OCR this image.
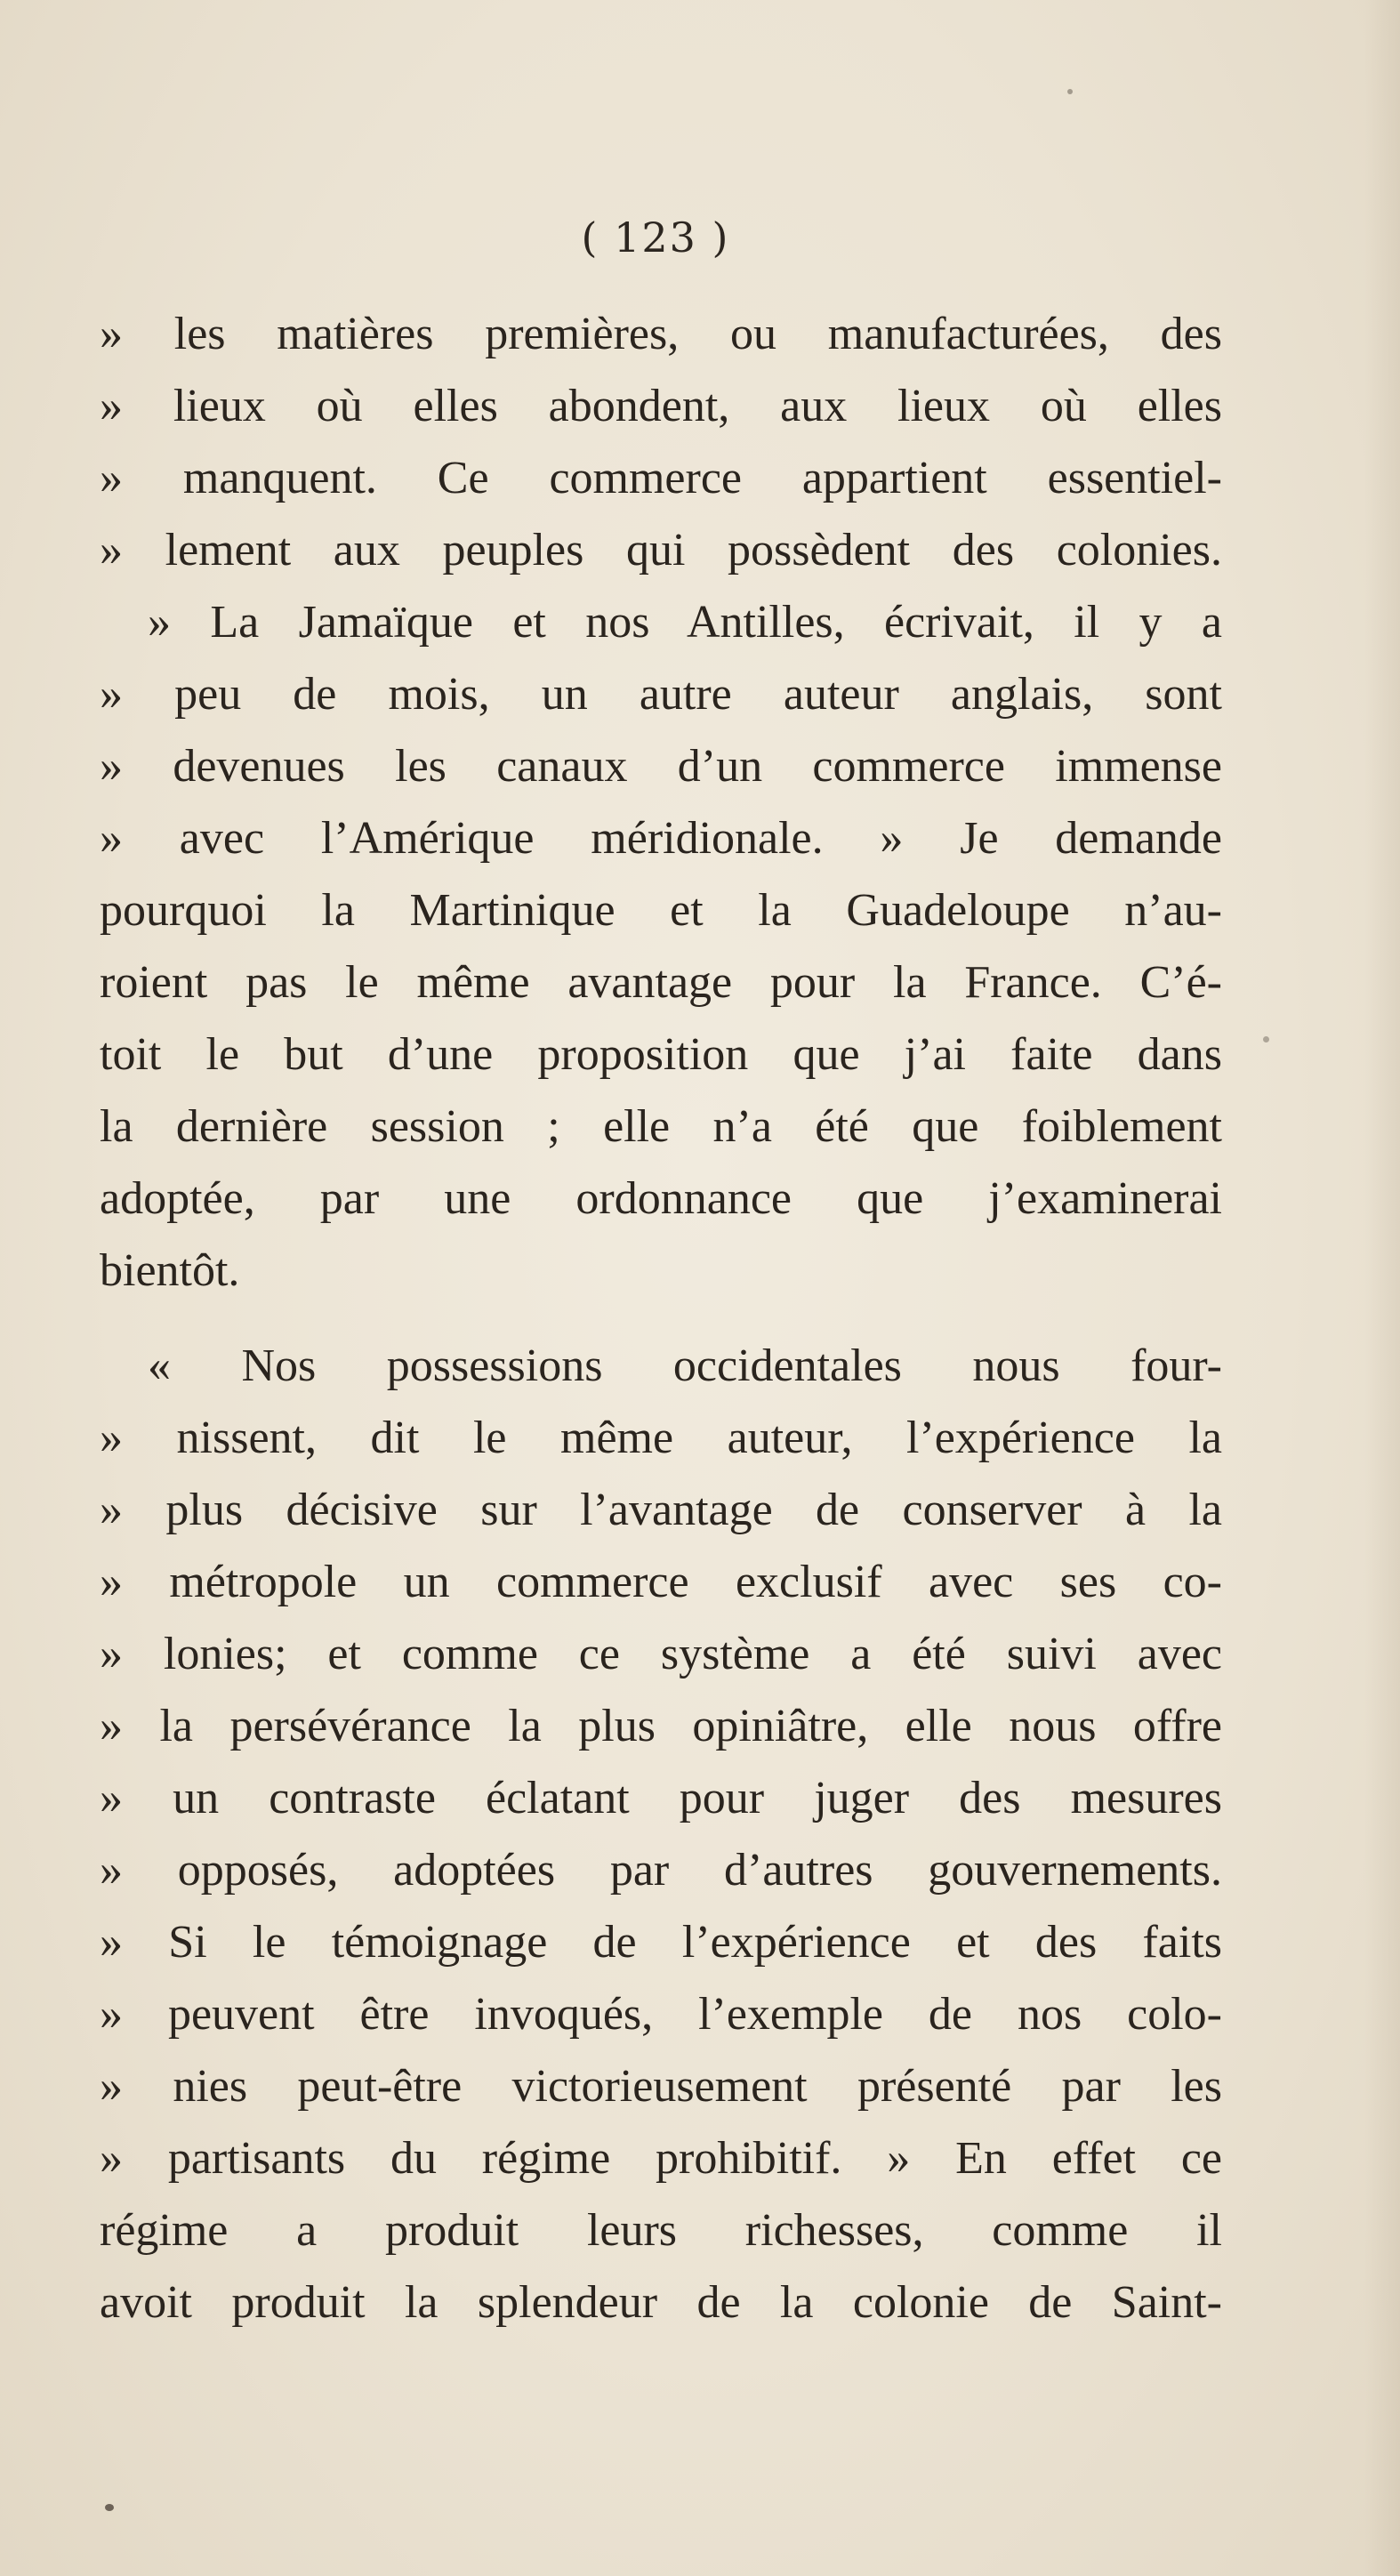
( 123 )
» les matières premières, ou manufacturées, des
» lieux où elles abondent, aux lieux où elles
» manquent. Ce commerce appartient essentiel-
» lement aux peuples qui possèdent des colonies.
» La Jamaïque et nos Antilles, écrivait, il y a
» peu de mois, un autre auteur anglais, sont
» devenues les canaux d’un commerce immense
» avec l’Amérique méridionale. » Je demande
pourquoi la Martinique et la Guadeloupe n’au-
roient pas le même avantage pour la France. C’é-
toit le but d’une proposition que j’ai faite dans
la dernière session ; elle n’a été que foiblement
adoptée, par une ordonnance que j’examinerai
bientôt.
« Nos possessions occidentales nous four-
» nissent, dit le même auteur, l’expérience la
» plus décisive sur l’avantage de conserver à la
» métropole un commerce exclusif avec ses co-
» lonies; et comme ce système a été suivi avec
» la persévérance la plus opiniâtre, elle nous offre
» un contraste éclatant pour juger des mesures
» opposés, adoptées par d’autres gouvernements.
» Si le témoignage de l’expérience et des faits
» peuvent être invoqués, l’exemple de nos colo-
» nies peut-être victorieusement présenté par les
» partisants du régime prohibitif. » En effet ce
régime a produit leurs richesses, comme il
avoit produit la splendeur de la colonie de Saint-
